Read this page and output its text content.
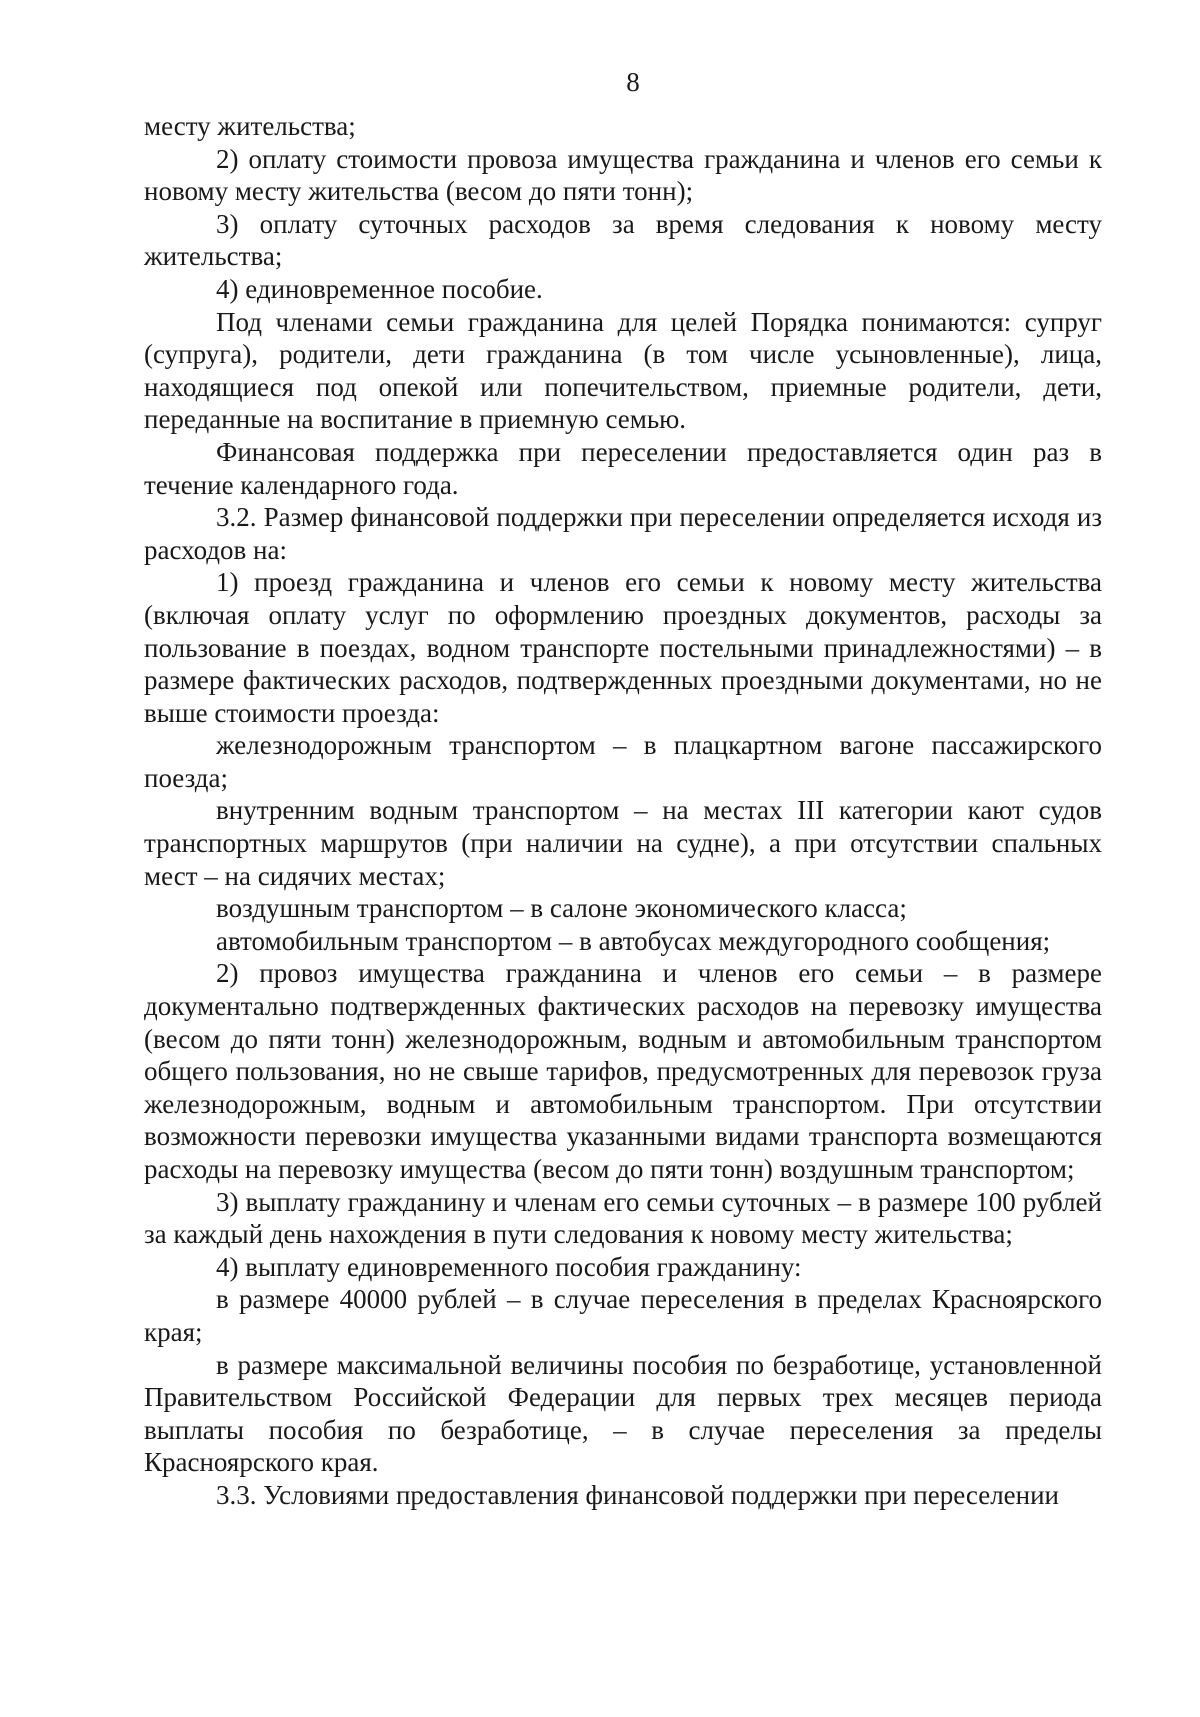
8

месту жительства;

2) оплату стоимости провоза имущества гражданина и членов его семьи к новому месту жительства (весом до пяти тонн);

3) оплату суточных расходов за время следования к новому месту жительства;

4) единовременное пособие.

Под членами семьи гражданина для целей Порядка понимаются: супруг (супруга), родители, дети гражданина (в том числе усыновленные), лица, находящиеся под опекой или попечительством, приемные родители, дети, переданные на воспитание в приемную семью.

Финансовая поддержка при переселении предоставляется один раз в течение календарного года.

3.2. Размер финансовой поддержки при переселении определяется исходя из расходов на:

1) проезд гражданина и членов его семьи к новому месту жительства (включая оплату услуг по оформлению проездных документов, расходы за пользование в поездах, водном транспорте постельными принадлежностями) – в размере фактических расходов, подтвержденных проездными документами, но не выше стоимости проезда:

железнодорожным транспортом – в плацкартном вагоне пассажирского поезда;

внутренним водным транспортом – на местах III категории кают судов транспортных маршрутов (при наличии на судне), а при отсутствии спальных мест – на сидячих местах;

воздушным транспортом – в салоне экономического класса;

автомобильным транспортом – в автобусах междугородного сообщения;

2) провоз имущества гражданина и членов его семьи – в размере документально подтвержденных фактических расходов на перевозку имущества (весом до пяти тонн) железнодорожным, водным и автомобильным транспортом общего пользования, но не свыше тарифов, предусмотренных для перевозок груза железнодорожным, водным и автомобильным транспортом. При отсутствии возможности перевозки имущества указанными видами транспорта возмещаются расходы на перевозку имущества (весом до пяти тонн) воздушным транспортом;

3) выплату гражданину и членам его семьи суточных – в размере 100 рублей за каждый день нахождения в пути следования к новому месту жительства;

4) выплату единовременного пособия гражданину:

в размере 40000 рублей – в случае переселения в пределах Красноярского края;

в размере максимальной величины пособия по безработице, установленной Правительством Российской Федерации для первых трех месяцев периода выплаты пособия по безработице, – в случае переселения за пределы Красноярского края.

3.3. Условиями предоставления финансовой поддержки при переселении
